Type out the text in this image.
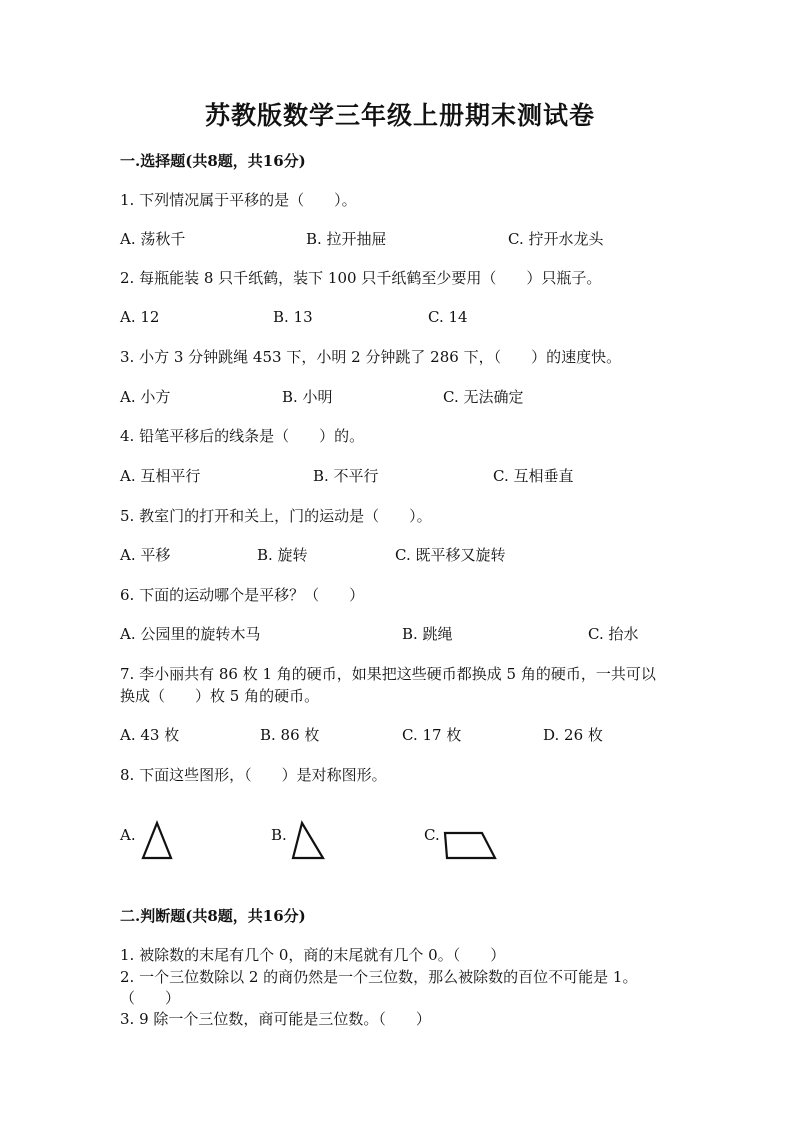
苏教版数学三年级上册期末测试卷
一.选择题(共8题，共16分)
1. 下列情况属于平移的是（　　）。
A. 荡秋千	B. 拉开抽屉	C. 拧开水龙头
2. 每瓶能装 8 只千纸鹤，装下 100 只千纸鹤至少要用（　　）只瓶子。
A. 12	B. 13	C. 14
3. 小方 3 分钟跳绳 453 下，小明 2 分钟跳了 286 下，（　　）的速度快。
A. 小方	B. 小明	C. 无法确定
4. 铅笔平移后的线条是（　　）的。
A. 互相平行	B. 不平行	C. 互相垂直
5. 教室门的打开和关上，门的运动是（　　）。
A. 平移	B. 旋转	C. 既平移又旋转
6. 下面的运动哪个是平移？（　　）
A. 公园里的旋转木马	B. 跳绳	C. 抬水
7. 李小丽共有 86 枚 1 角的硬币，如果把这些硬币都换成 5 角的硬币，一共可以
换成（　　）枚 5 角的硬币。
A. 43 枚	B. 86 枚	C. 17 枚	D. 26 枚
8. 下面这些图形，（　　）是对称图形。
A.	B.	C.
二.判断题(共8题，共16分)
1. 被除数的末尾有几个 0，商的末尾就有几个 0。（　　）
2. 一个三位数除以 2 的商仍然是一个三位数，那么被除数的百位不可能是 1。
（　　）
3. 9 除一个三位数，商可能是三位数。（　　）
